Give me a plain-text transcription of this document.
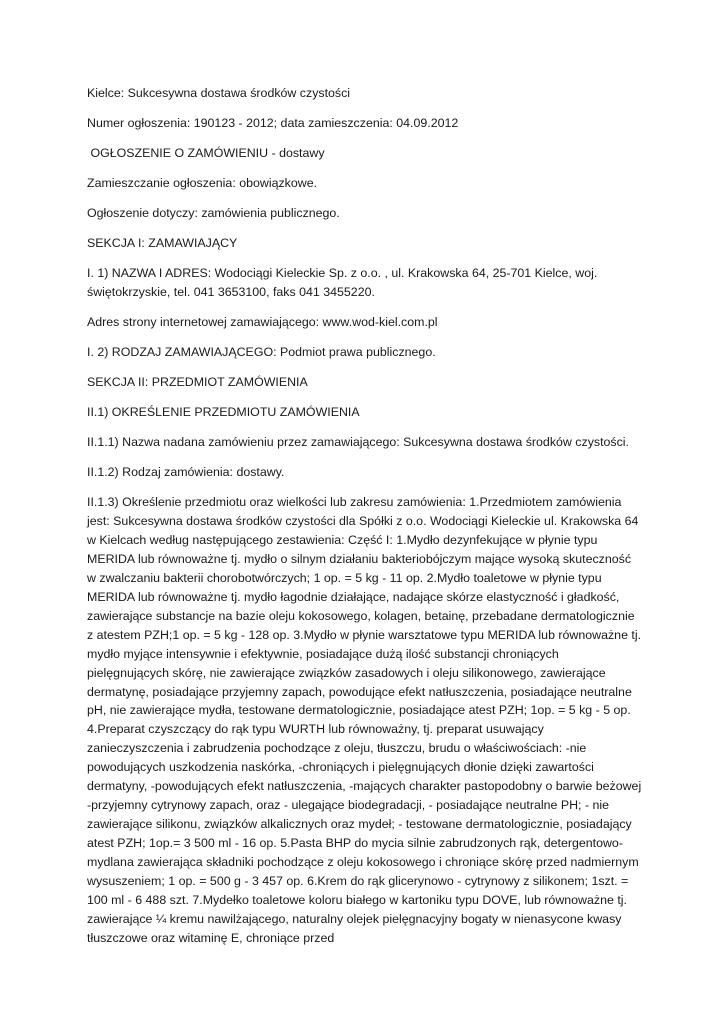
Kielce: Sukcesywna dostawa środków czystości

Numer ogłoszenia: 190123 - 2012; data zamieszczenia: 04.09.2012

OGŁOSZENIE O ZAMÓWIENIU - dostawy

Zamieszczanie ogłoszenia: obowiązkowe.

Ogłoszenie dotyczy: zamówienia publicznego.

SEKCJA I: ZAMAWIAJĄCY

I. 1) NAZWA I ADRES: Wodociągi Kieleckie Sp. z o.o. , ul. Krakowska 64, 25-701 Kielce, woj. świętokrzyskie, tel. 041 3653100, faks 041 3455220.

Adres strony internetowej zamawiającego: www.wod-kiel.com.pl

I. 2) RODZAJ ZAMAWIAJĄCEGO: Podmiot prawa publicznego.

SEKCJA II: PRZEDMIOT ZAMÓWIENIA

II.1) OKREŚLENIE PRZEDMIOTU ZAMÓWIENIA

II.1.1) Nazwa nadana zamówieniu przez zamawiającego: Sukcesywna dostawa środków czystości.

II.1.2) Rodzaj zamówienia: dostawy.

II.1.3) Określenie przedmiotu oraz wielkości lub zakresu zamówienia: 1.Przedmiotem zamówienia jest: Sukcesywna dostawa środków czystości dla Spółki z o.o. Wodociągi Kieleckie ul. Krakowska 64 w Kielcach według następującego zestawienia: Część I: 1.Mydło dezynfekujące w płynie typu MERIDA lub równoważne tj. mydło o silnym działaniu bakteriobójczym mające wysoką skuteczność w zwalczaniu bakterii chorobotwórczych; 1 op. = 5 kg - 11 op. 2.Mydło toaletowe w płynie typu MERIDA lub równoważne tj. mydło łagodnie działające, nadające skórze elastyczność i gładkość, zawierające substancje na bazie oleju kokosowego, kolagen, betainę, przebadane dermatologicznie z atestem PZH;1 op. = 5 kg - 128 op. 3.Mydło w płynie warsztatowe typu MERIDA lub równoważne tj. mydło myjące intensywnie i efektywnie, posiadające dużą ilość substancji chroniących pielęgnujących skórę, nie zawierające związków zasadowych i oleju silikonowego, zawierające dermatynę, posiadające przyjemny zapach, powodujące efekt natłuszczenia, posiadające neutralne pH, nie zawierające mydła, testowane dermatologicznie, posiadające atest PZH; 1op. = 5 kg - 5 op. 4.Preparat czyszczący do rąk typu WURTH lub równoważny, tj. preparat usuwający zanieczyszczenia i zabrudzenia pochodzące z oleju, tłuszczu, brudu o właściwościach: -nie powodujących uszkodzenia naskórka, -chroniących i pielęgnujących dłonie dzięki zawartości dermatyny, -powodujących efekt natłuszczenia, -mających charakter pastopodobny o barwie beżowej -przyjemny cytrynowy zapach, oraz - ulegające biodegradacji, - posiadające neutralne PH; - nie zawierające silikonu, związków alkalicznych oraz mydeł; - testowane dermatologicznie, posiadający atest PZH; 1op.= 3 500 ml - 16 op. 5.Pasta BHP do mycia silnie zabrudzonych rąk, detergentowo-mydlana zawierająca składniki pochodzące z oleju kokosowego i chroniące skórę przed nadmiernym wysuszeniem; 1 op. = 500 g - 3 457 op. 6.Krem do rąk glicerynowo - cytrynowy z silikonem; 1szt. = 100 ml - 6 488 szt. 7.Mydełko toaletowe koloru białego w kartoniku typu DOVE, lub równoważne tj. zawierające ¼ kremu nawilżającego, naturalny olejek pielęgnacyjny bogaty w nienasycone kwasy tłuszczowe oraz witaminę E, chroniące przed
